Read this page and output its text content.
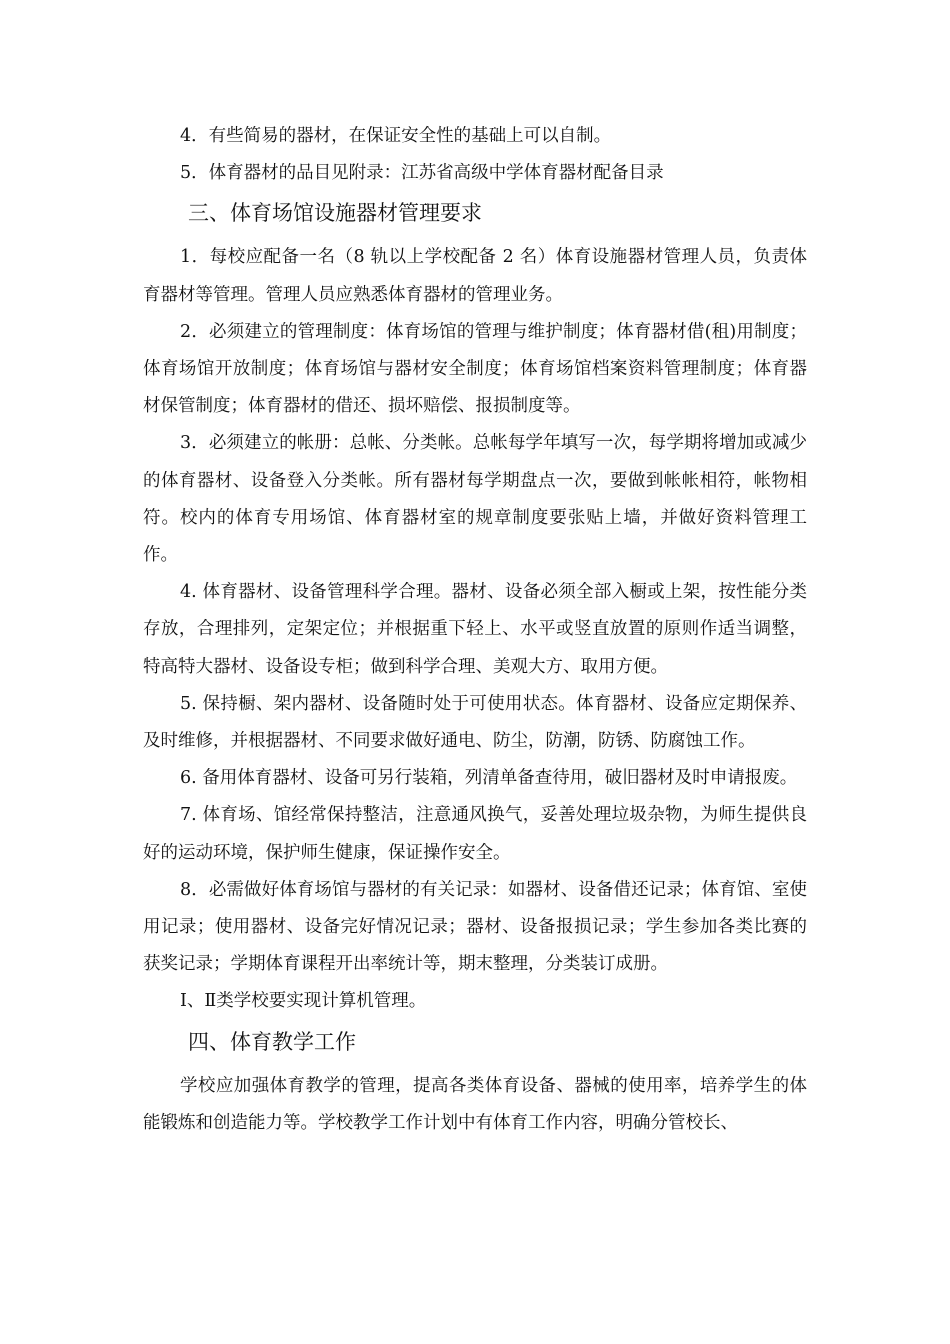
4．有些简易的器材，在保证安全性的基础上可以自制。

5．体育器材的品目见附录：江苏省高级中学体育器材配备目录

三、体育场馆设施器材管理要求

1．每校应配备一名（8 轨以上学校配备 2 名）体育设施器材管理人员，负责体育器材等管理。管理人员应熟悉体育器材的管理业务。

2．必须建立的管理制度：体育场馆的管理与维护制度；体育器材借(租)用制度；体育场馆开放制度；体育场馆与器材安全制度；体育场馆档案资料管理制度；体育器材保管制度；体育器材的借还、损坏赔偿、报损制度等。

3．必须建立的帐册：总帐、分类帐。总帐每学年填写一次，每学期将增加或减少的体育器材、设备登入分类帐。所有器材每学期盘点一次，要做到帐帐相符，帐物相符。校内的体育专用场馆、体育器材室的规章制度要张贴上墙，并做好资料管理工作。

4. 体育器材、设备管理科学合理。器材、设备必须全部入橱或上架，按性能分类存放，合理排列，定架定位；并根据重下轻上、水平或竖直放置的原则作适当调整，特高特大器材、设备设专柜；做到科学合理、美观大方、取用方便。

5. 保持橱、架内器材、设备随时处于可使用状态。体育器材、设备应定期保养、及时维修，并根据器材、不同要求做好通电、防尘，防潮，防锈、防腐蚀工作。

6. 备用体育器材、设备可另行装箱，列清单备查待用，破旧器材及时申请报废。

7. 体育场、馆经常保持整洁，注意通风换气，妥善处理垃圾杂物，为师生提供良好的运动环境，保护师生健康，保证操作安全。

8．必需做好体育场馆与器材的有关记录：如器材、设备借还记录；体育馆、室使用记录；使用器材、设备完好情况记录；器材、设备报损记录；学生参加各类比赛的获奖记录；学期体育课程开出率统计等，期末整理，分类装订成册。

Ⅰ、Ⅱ类学校要实现计算机管理。

四、体育教学工作

学校应加强体育教学的管理，提高各类体育设备、器械的使用率，培养学生的体能锻炼和创造能力等。学校教学工作计划中有体育工作内容，明确分管校长、
